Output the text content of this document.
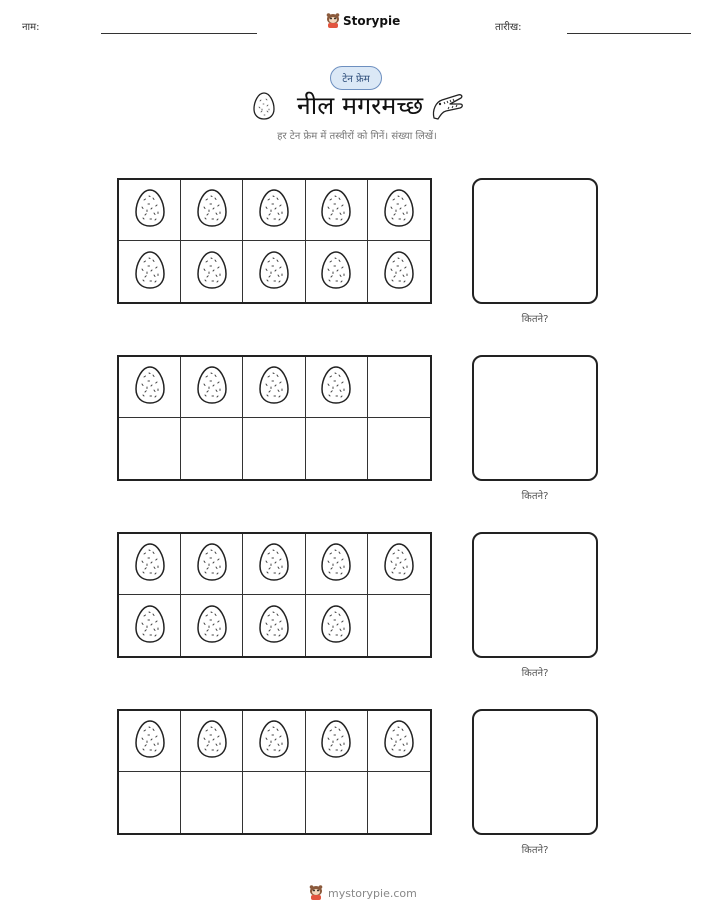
नाम:	Storypie	तारीख:
टेन फ्रेम
नील मगरमच्छ
हर टेन फ्रेम में तस्वीरों को गिनें। संख्या लिखें।
कितने?
कितने?
कितने?
कितने?
mystorypie.com
